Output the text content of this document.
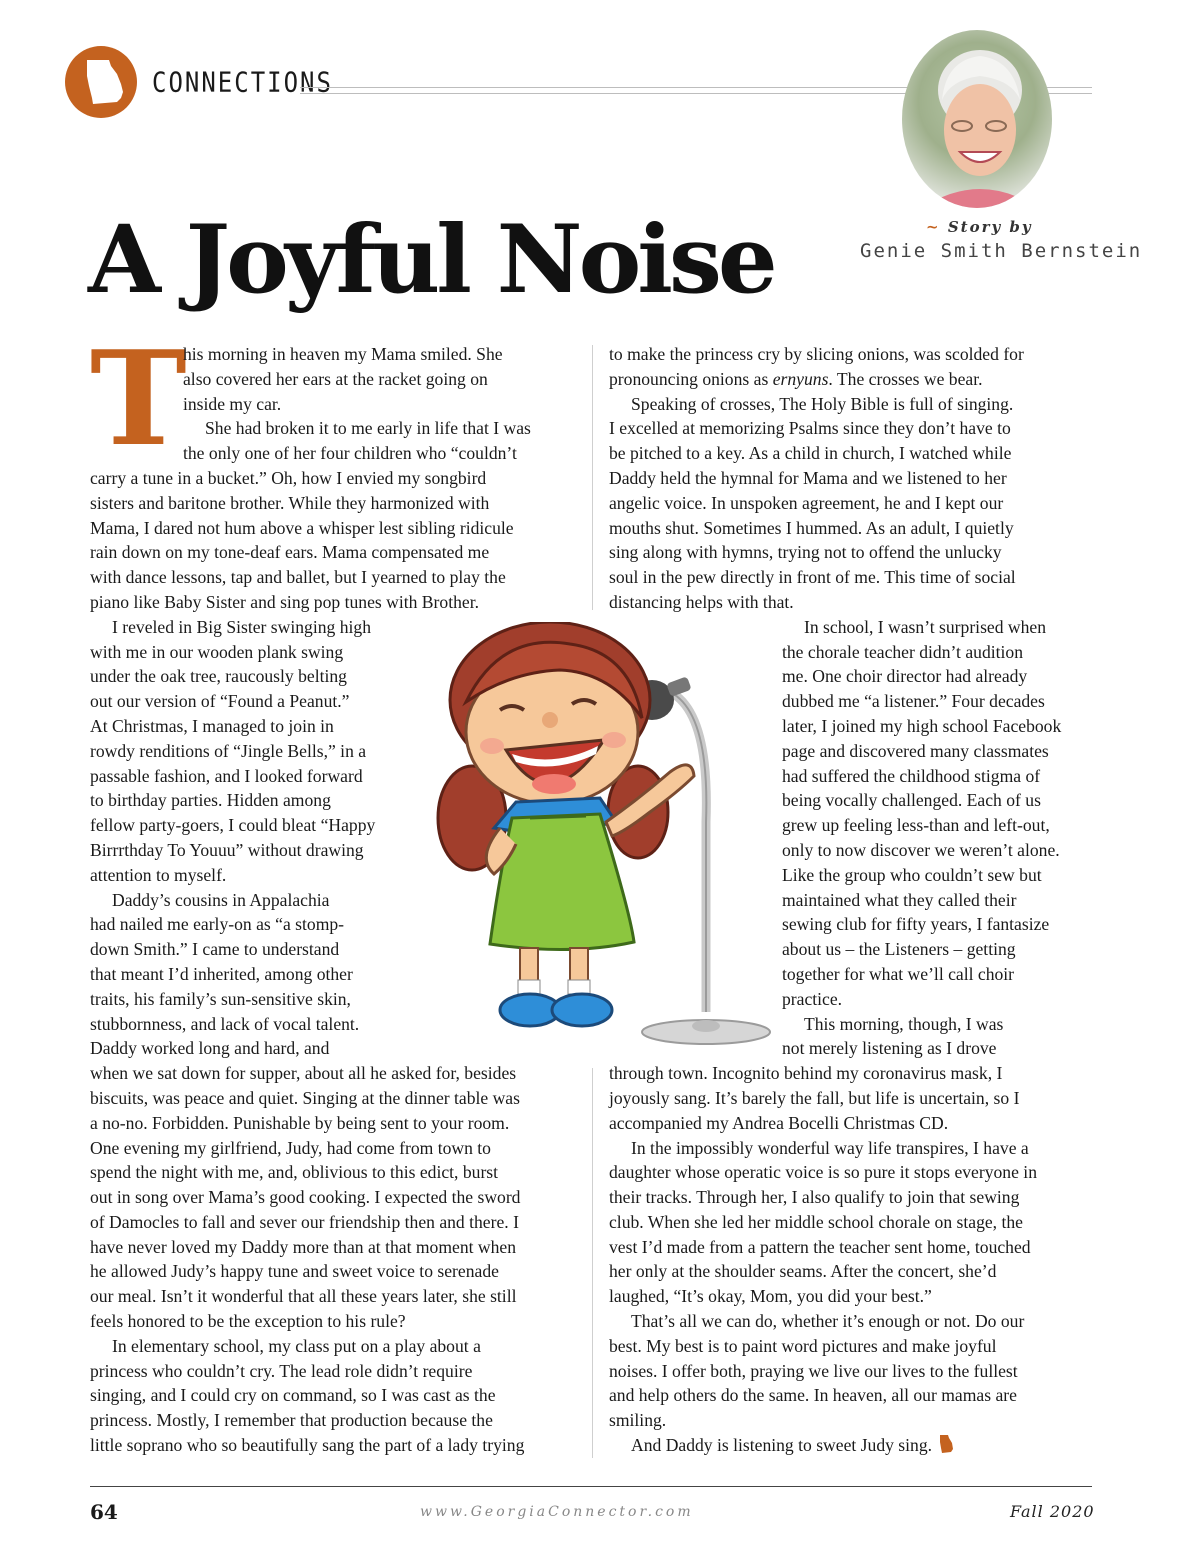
CONNECTIONS
A Joyful Noise	~ Story by
Genie Smith Bernstein
T
his morning in heaven my Mama smiled. She
also covered her ears at the racket going on
inside my car.
She had broken it to me early in life that I was
the only one of her four children who “couldn’t
carry a tune in a bucket.” Oh, how I envied my songbird
sisters and baritone brother. While they harmonized with
Mama, I dared not hum above a whisper lest sibling ridicule
rain down on my tone-deaf ears. Mama compensated me
with dance lessons, tap and ballet, but I yearned to play the
piano like Baby Sister and sing pop tunes with Brother.
I reveled in Big Sister swinging high
with me in our wooden plank swing
under the oak tree, raucously belting
out our version of “Found a Peanut.”
At Christmas, I managed to join in
rowdy renditions of “Jingle Bells,” in a
passable fashion, and I looked forward
to birthday parties. Hidden among
fellow party-goers, I could bleat “Happy
Birrrthday To Youuu” without drawing
attention to myself.
Daddy’s cousins in Appalachia
had nailed me early-on as “a stomp-
down Smith.” I came to understand
that meant I’d inherited, among other
traits, his family’s sun-sensitive skin,
stubbornness, and lack of vocal talent.
Daddy worked long and hard, and
when we sat down for supper, about all he asked for, besides
biscuits, was peace and quiet. Singing at the dinner table was
a no-no. Forbidden. Punishable by being sent to your room.
One evening my girlfriend, Judy, had come from town to
spend the night with me, and, oblivious to this edict, burst
out in song over Mama’s good cooking. I expected the sword
of Damocles to fall and sever our friendship then and there. I
have never loved my Daddy more than at that moment when
he allowed Judy’s happy tune and sweet voice to serenade
our meal. Isn’t it wonderful that all these years later, she still
feels honored to be the exception to his rule?
In elementary school, my class put on a play about a
princess who couldn’t cry. The lead role didn’t require
singing, and I could cry on command, so I was cast as the
princess. Mostly, I remember that production because the
little soprano who so beautifully sang the part of a lady trying
to make the princess cry by slicing onions, was scolded for
pronouncing onions as ernyuns. The crosses we bear.
Speaking of crosses, The Holy Bible is full of singing.
I excelled at memorizing Psalms since they don’t have to
be pitched to a key. As a child in church, I watched while
Daddy held the hymnal for Mama and we listened to her
angelic voice. In unspoken agreement, he and I kept our
mouths shut. Sometimes I hummed. As an adult, I quietly
sing along with hymns, trying not to offend the unlucky
soul in the pew directly in front of me. This time of social
distancing helps with that.
In school, I wasn’t surprised when
the chorale teacher didn’t audition
me. One choir director had already
dubbed me “a listener.” Four decades
later, I joined my high school Facebook
page and discovered many classmates
had suffered the childhood stigma of
being vocally challenged. Each of us
grew up feeling less-than and left-out,
only to now discover we weren’t alone.
Like the group who couldn’t sew but
maintained what they called their
sewing club for fifty years, I fantasize
about us – the Listeners – getting
together for what we’ll call choir
practice.
This morning, though, I was
not merely listening as I drove
through town. Incognito behind my coronavirus mask, I
joyously sang. It’s barely the fall, but life is uncertain, so I
accompanied my Andrea Bocelli Christmas CD.
In the impossibly wonderful way life transpires, I have a
daughter whose operatic voice is so pure it stops everyone in
their tracks. Through her, I also qualify to join that sewing
club. When she led her middle school chorale on stage, the
vest I’d made from a pattern the teacher sent home, touched
her only at the shoulder seams. After the concert, she’d
laughed, “It’s okay, Mom, you did your best.”
That’s all we can do, whether it’s enough or not. Do our
best. My best is to paint word pictures and make joyful
noises. I offer both, praying we live our lives to the fullest
and help others do the same. In heaven, all our mamas are
smiling.
And Daddy is listening to sweet Judy sing.
64	www.GeorgiaConnector.com	Fall 2020
